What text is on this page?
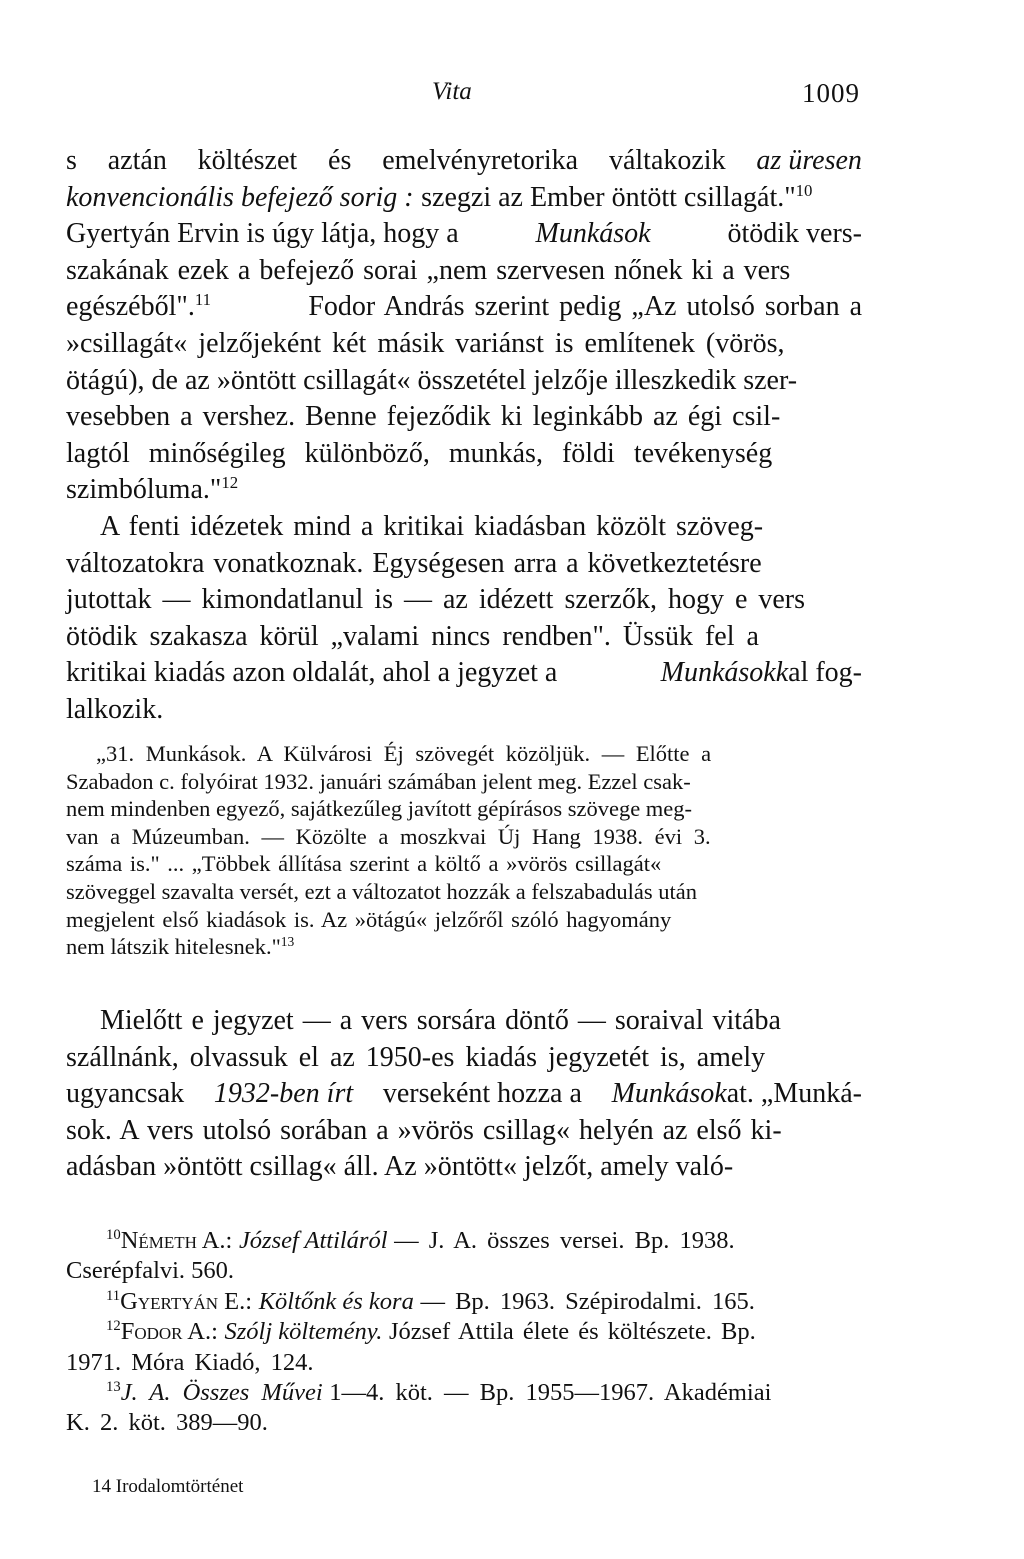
Vita	1009
s aztán költészet és emelvényretorika váltakozik az üresen
konvencionális befejező sorig : szegzi az Ember öntött csillagát."$^{10}$
Gyertyán Ervin is úgy látja, hogy a	Munkások	ötödik vers-
szakának ezek a befejező sorai „nem szervesen nőnek ki a vers
egészéből".$^{11}$	Fodor András szerint pedig „Az utolsó sorban a
»csillagát« jelzőjeként két másik variánst is említenek (vörös,
ötágú), de az »öntött csillagát« összetétel jelzője illeszkedik szer-
vesebben a vershez. Benne fejeződik ki leginkább az égi csil-
lagtól minőségileg különböző, munkás, földi tevékenység
szimbóluma."$^{12}$
A fenti idézetek mind a kritikai kiadásban közölt szöveg-
változatokra vonatkoznak. Egységesen arra a következtetésre
jutottak — kimondatlanul is — az idézett szerzők, hogy e vers
ötödik szakasza körül „valami nincs rendben". Üssük fel a
kritikai kiadás azon oldalát, ahol a jegyzet a	Munkásokkal fog-
lalkozik.
„31. Munkások. A Külvárosi Éj szövegét közöljük. — Előtte a
Szabadon c. folyóirat 1932. januári számában jelent meg. Ezzel csak-
nem mindenben egyező, sajátkezűleg javított gépírásos szövege meg-
van a Múzeumban. — Közölte a moszkvai Új Hang 1938. évi 3.
száma is." ... „Többek állítása szerint a költő a »vörös csillagát«
szöveggel szavalta versét, ezt a változatot hozzák a felszabadulás után
megjelent első kiadások is. Az »ötágú« jelzőről szóló hagyomány
nem látszik hitelesnek."$^{13}$
Mielőtt e jegyzet — a vers sorsára döntő — soraival vitába
szállnánk, olvassuk el az 1950-es kiadás jegyzetét is, amely
ugyancsak 1932-ben írt verseként hozza a Munkásokat. „Munká-
sok. A vers utolsó sorában a »vörös csillag« helyén az első ki-
adásban »öntött csillag« áll. Az »öntött« jelzőt, amely való-
$^{10}$Németh A.: József Attiláról — J. A. összes versei. Bp. 1938.
Cserépfalvi. 560.
$^{11}$Gyertyán E.: Költőnk és kora — Bp. 1963. Szépirodalmi. 165.
$^{12}$Fodor A.: Szólj költemény. József Attila élete és költészete. Bp.
1971. Móra Kiadó, 124.
$^{13}$J. A. Összes Művei 1—4. köt. — Bp. 1955—1967. Akadémiai
K. 2. köt. 389—90.
14 Irodalomtörténet
